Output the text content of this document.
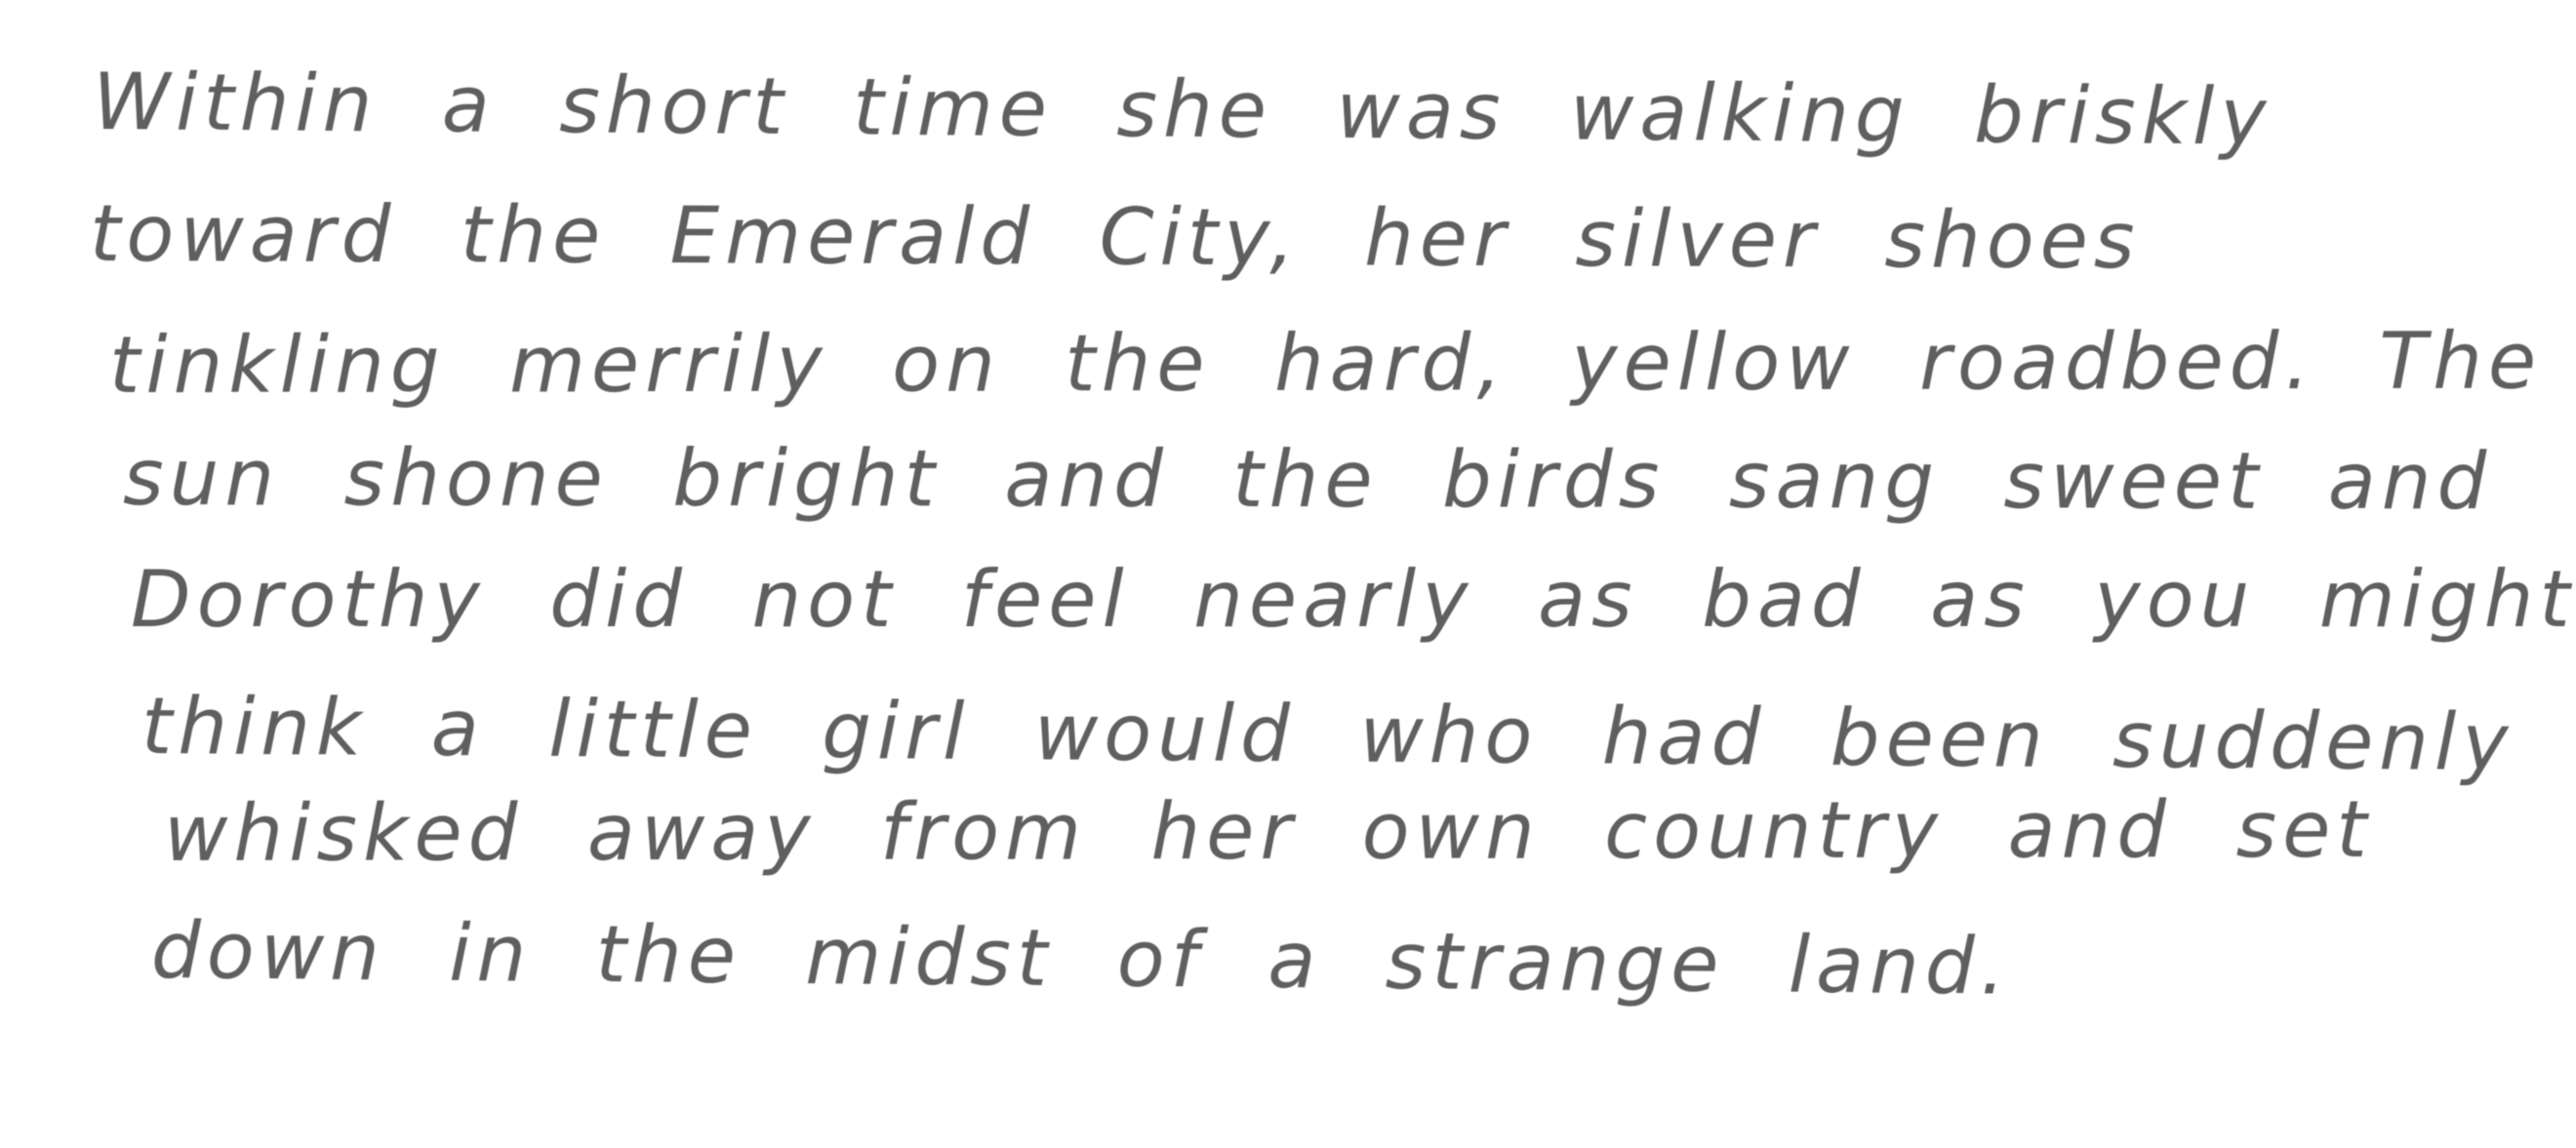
Within a short time she was walking briskly
toward the Emerald City, her silver shoes
tinkling merrily on the hard, yellow roadbed. The
sun shone bright and the birds sang sweet and
Dorothy did not feel nearly as bad as you might
think a little girl would who had been suddenly
whisked away from her own country and set
down in the midst of a strange land.
